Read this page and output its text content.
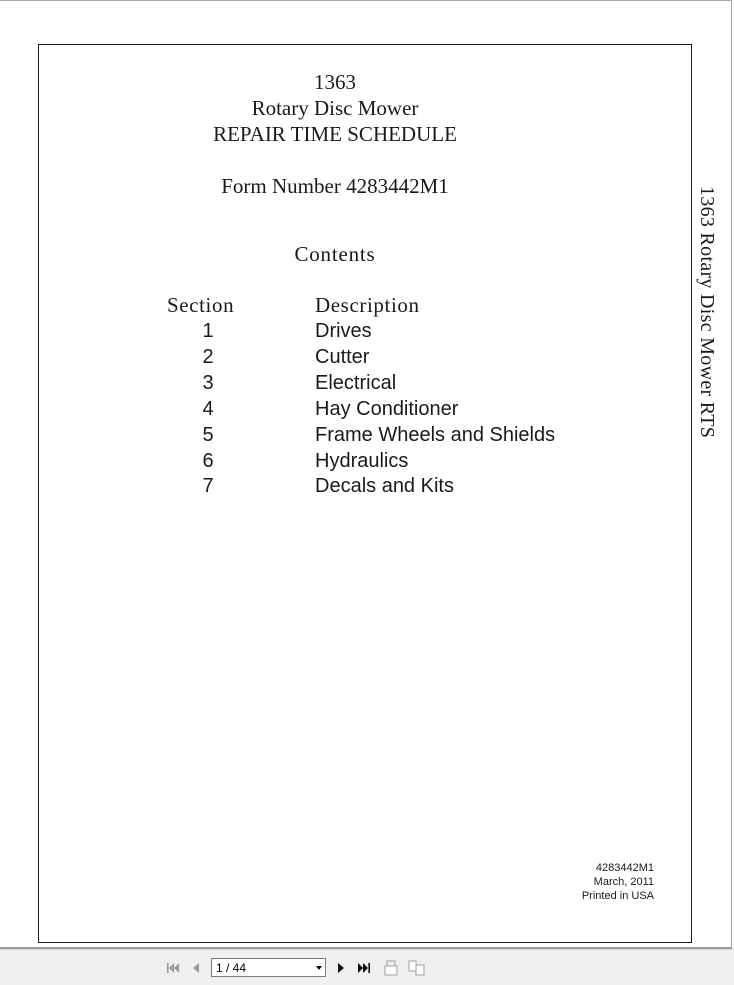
1363
Rotary Disc Mower
REPAIR TIME SCHEDULE
Form Number 4283442M1
Contents
Section	Description
1	Drives
2	Cutter
3	Electrical
4	Hay Conditioner
5	Frame Wheels and Shields
6	Hydraulics
7	Decals and Kits
4283442M1
March, 2011
Printed in USA
1363 Rotary Disc Mower RTS
1 / 44
